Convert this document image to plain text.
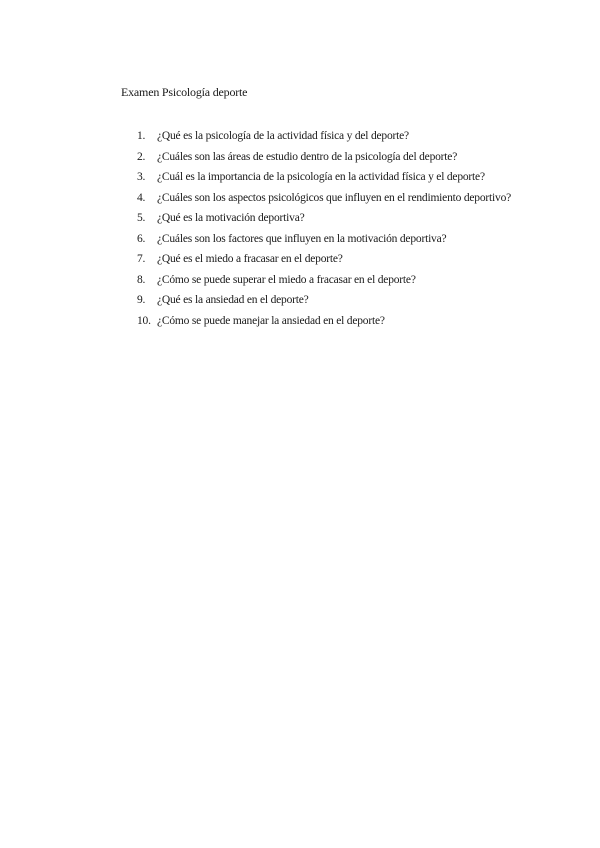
Examen Psicología deporte
1.	¿Qué es la psicología de la actividad física y del deporte?
2.	¿Cuáles son las áreas de estudio dentro de la psicología del deporte?
3.	¿Cuál es la importancia de la psicología en la actividad física y el deporte?
4.	¿Cuáles son los aspectos psicológicos que influyen en el rendimiento deportivo?
5.	¿Qué es la motivación deportiva?
6.	¿Cuáles son los factores que influyen en la motivación deportiva?
7.	¿Qué es el miedo a fracasar en el deporte?
8.	¿Cómo se puede superar el miedo a fracasar en el deporte?
9.	¿Qué es la ansiedad en el deporte?
10. ¿Cómo se puede manejar la ansiedad en el deporte?
